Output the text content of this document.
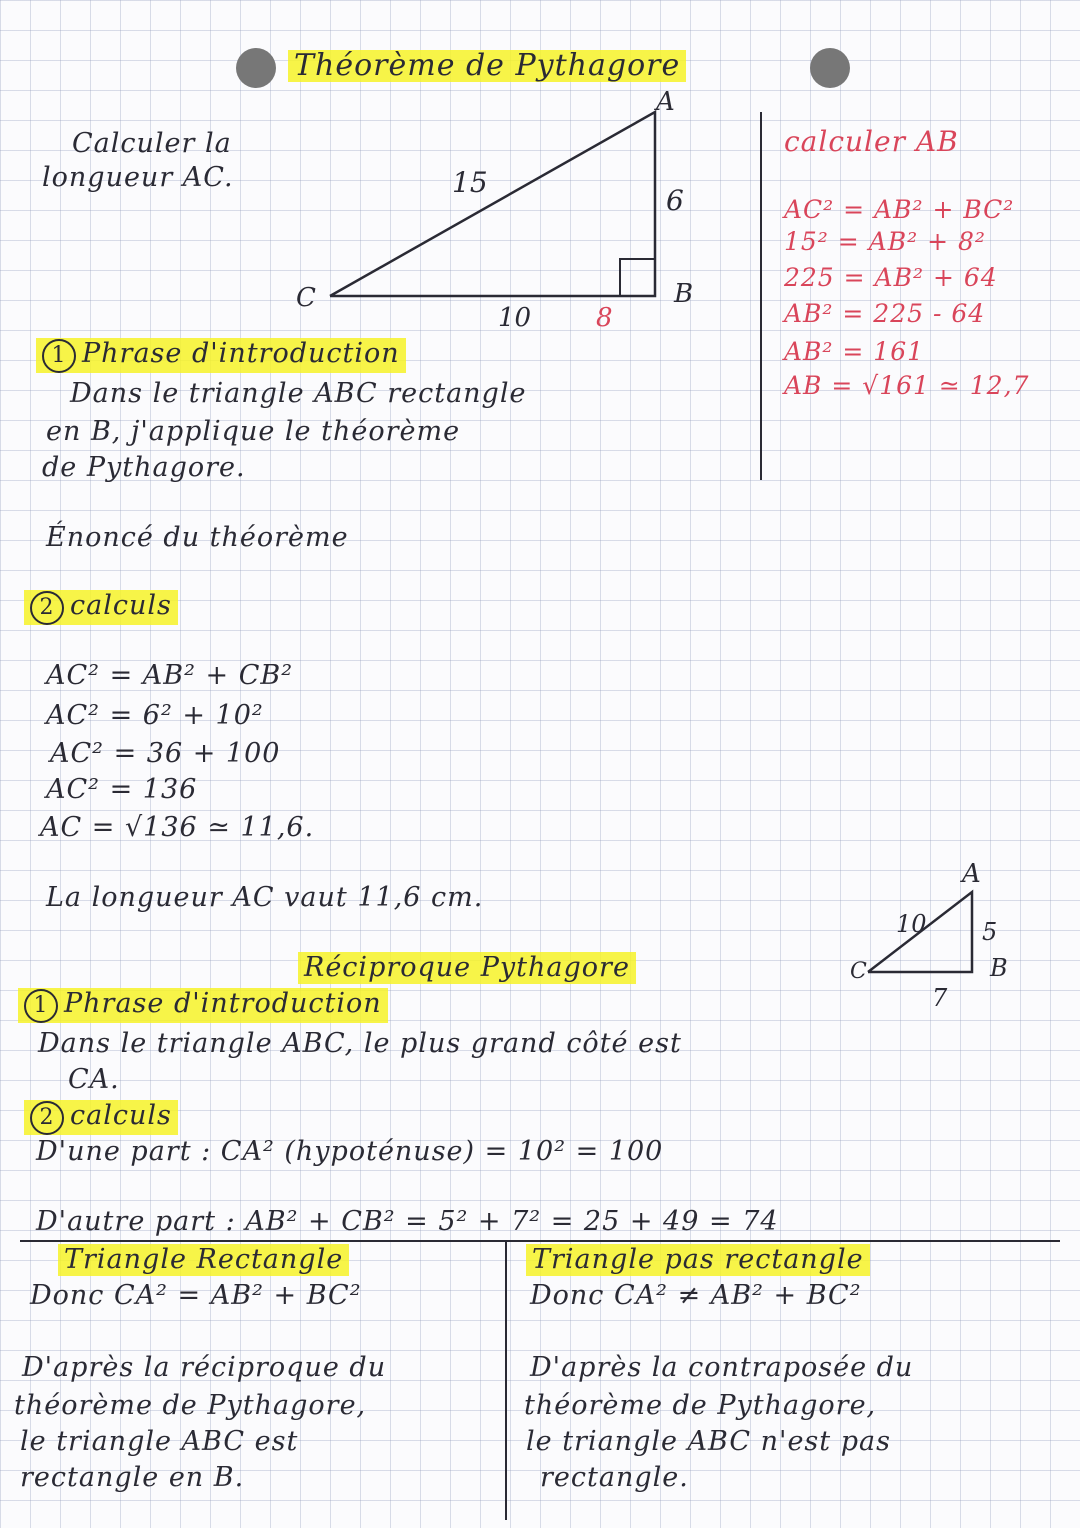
Théorème de Pythagore
Calculer la
longueur AC.	15
6
10 8
A
B
C
A
B
C
10 5
7
calculer AB
AC² = AB² + BC²
15² = AB² + 8²
225 = AB² + 64
AB² = 225 - 64
AB² = 161
AB = √161 ≃ 12,7
1 Phrase d'introduction
Dans le triangle ABC rectangle
en B, j'applique le théorème
de Pythagore.
Énoncé du théorème
2 calculs
AC² = AB² + CB²
AC² = 6² + 10²
AC² = 36 + 100
AC² = 136
AC = √136 ≃ 11,6.
La longueur AC vaut 11,6 cm.
Réciproque Pythagore
1 Phrase d'introduction
Dans le triangle ABC, le plus grand côté est
CA.
2 calculs
D'une part : CA² (hypoténuse) = 10² = 100
D'autre part : AB² + CB² = 5² + 7² = 25 + 49 = 74
Triangle Rectangle
Donc CA² = AB² + BC²
D'après la réciproque du
théorème de Pythagore,
le triangle ABC est
rectangle en B.
Triangle pas rectangle
Donc CA² ≠ AB² + BC²
D'après la contraposée du
théorème de Pythagore,
le triangle ABC n'est pas
rectangle.
